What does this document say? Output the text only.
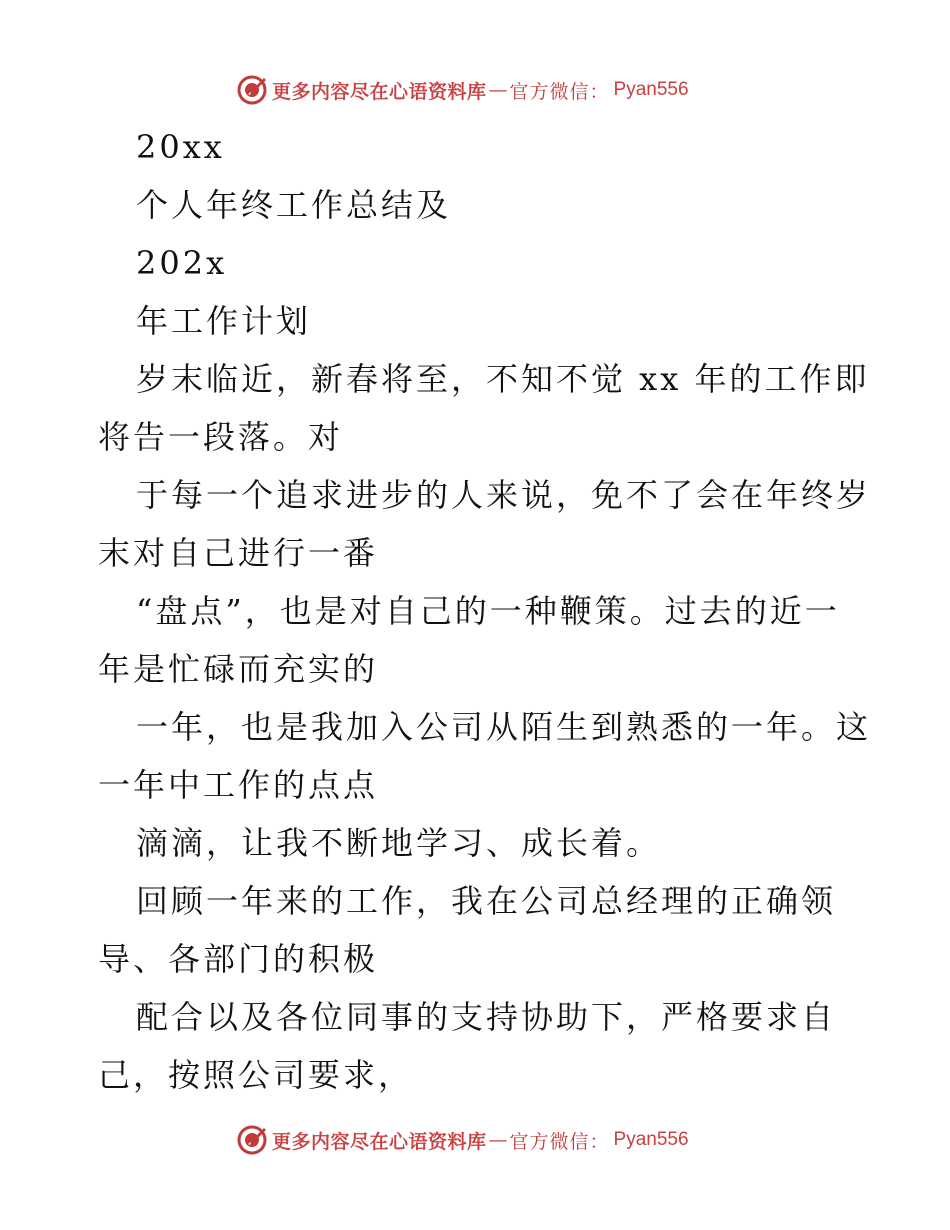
更多内容尽在心语资料库 — 官方微信： Pyan556
20xx
个人年终工作总结及
202x
年工作计划
岁末临近，新春将至，不知不觉 xx 年的工作即
将告一段落。对
于每一个追求进步的人来说，免不了会在年终岁
末对自己进行一番
“盘点”，也是对自己的一种鞭策。过去的近一
年是忙碌而充实的
一年，也是我加入公司从陌生到熟悉的一年。这
一年中工作的点点
滴滴，让我不断地学习、成长着。
回顾一年来的工作，我在公司总经理的正确领
导、各部门的积极
配合以及各位同事的支持协助下，严格要求自
己，按照公司要求，
更多内容尽在心语资料库 — 官方微信： Pyan556
